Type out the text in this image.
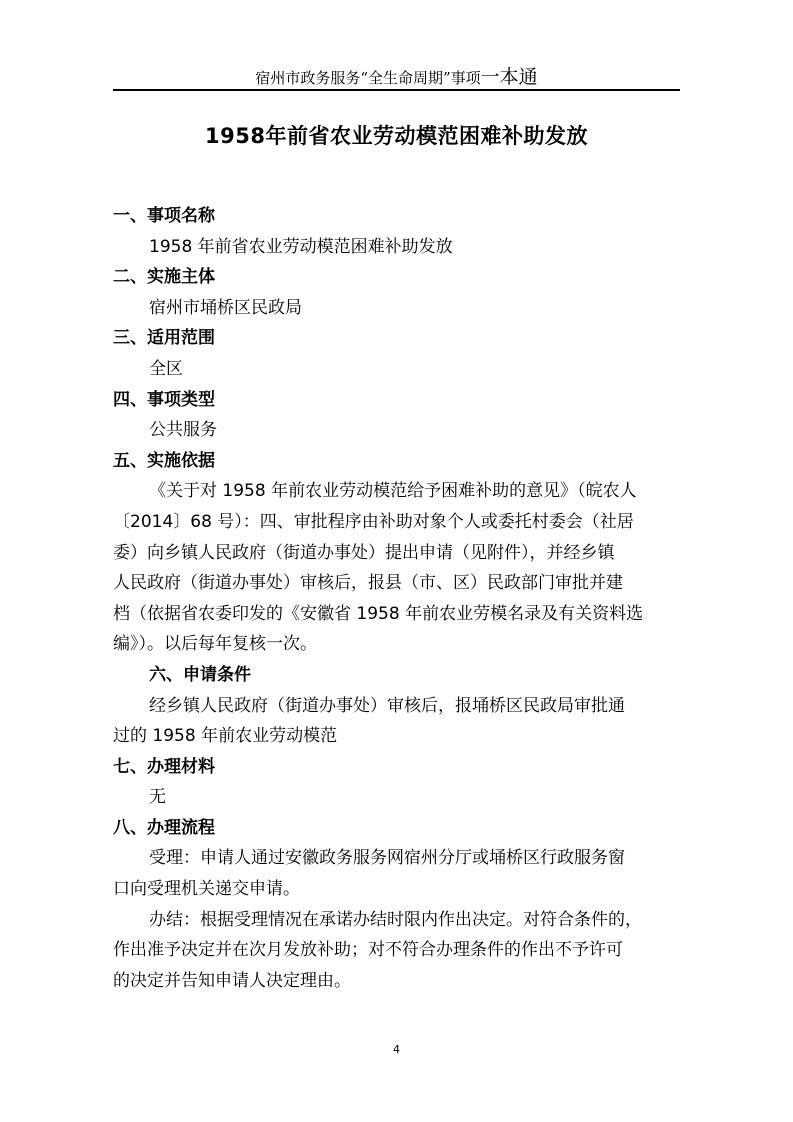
宿州市政务服务“全生命周期”事项一本通
1958年前省农业劳动模范困难补助发放
一、事项名称
1958 年前省农业劳动模范困难补助发放
二、实施主体
宿州市埇桥区民政局
三、适用范围
全区
四、事项类型
公共服务
五、实施依据
《关于对 1958 年前农业劳动模范给予困难补助的意见》（皖农人
〔2014〕68 号）：四、审批程序由补助对象个人或委托村委会（社居
委）向乡镇人民政府（街道办事处）提出申请（见附件），并经乡镇
人民政府（街道办事处）审核后，报县（市、区）民政部门审批并建
档（依据省农委印发的《安徽省 1958 年前农业劳模名录及有关资料选
编》）。以后每年复核一次。
六、申请条件
经乡镇人民政府（街道办事处）审核后，报埇桥区民政局审批通
过的 1958 年前农业劳动模范
七、办理材料
无
八、办理流程
受理：申请人通过安徽政务服务网宿州分厅或埇桥区行政服务窗
口向受理机关递交申请。
办结：根据受理情况在承诺办结时限内作出决定。对符合条件的，
作出准予决定并在次月发放补助；对不符合办理条件的作出不予许可
的决定并告知申请人决定理由。
4
